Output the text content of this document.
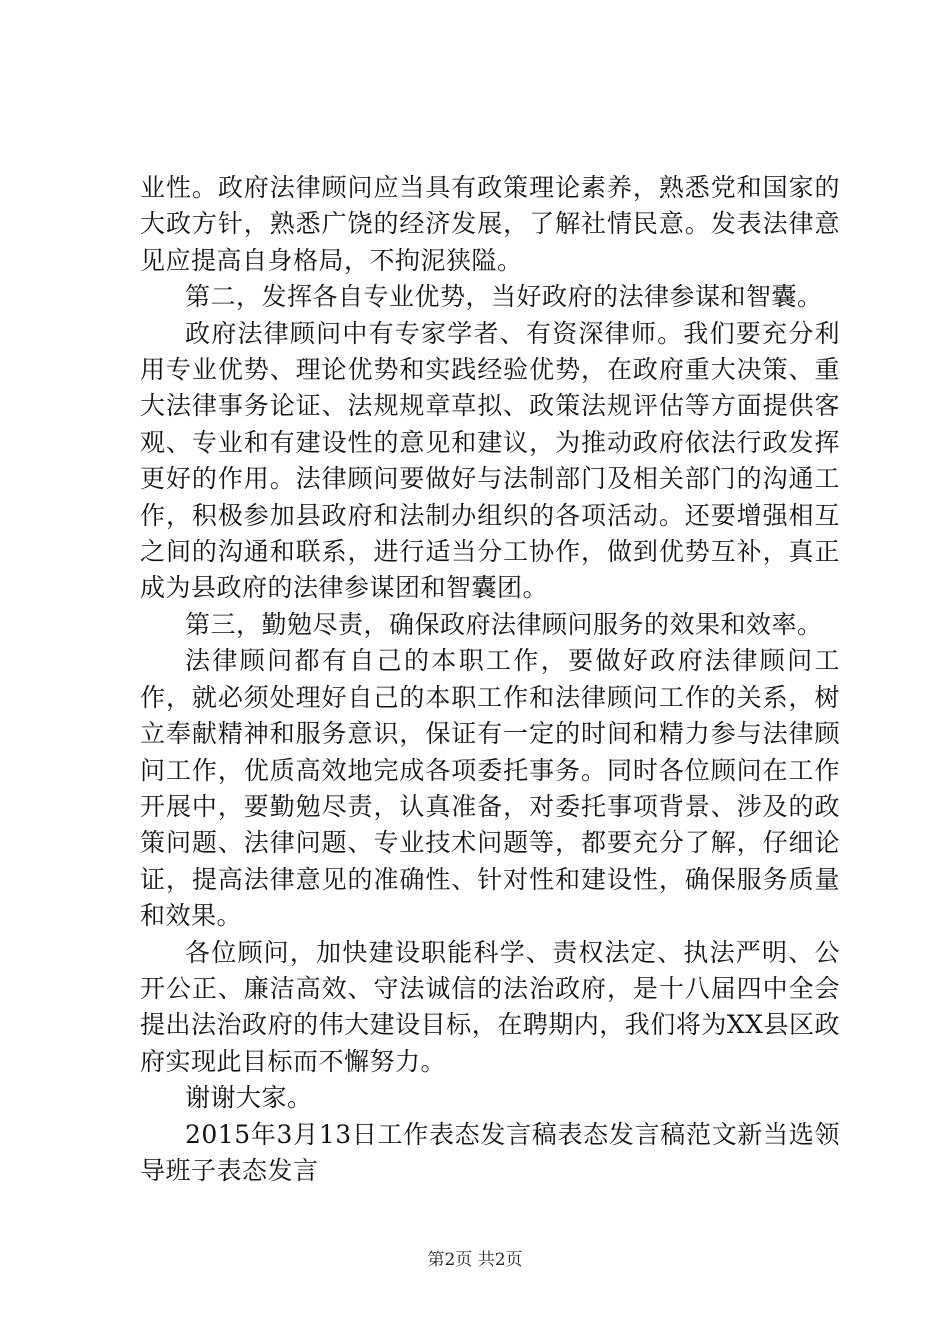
业性。政府法律顾问应当具有政策理论素养，熟悉党和国家的大政方针，熟悉广饶的经济发展，了解社情民意。发表法律意见应提高自身格局，不拘泥狭隘。

第二，发挥各自专业优势，当好政府的法律参谋和智囊。

政府法律顾问中有专家学者、有资深律师。我们要充分利用专业优势、理论优势和实践经验优势，在政府重大决策、重大法律事务论证、法规规章草拟、政策法规评估等方面提供客观、专业和有建设性的意见和建议，为推动政府依法行政发挥更好的作用。法律顾问要做好与法制部门及相关部门的沟通工作，积极参加县政府和法制办组织的各项活动。还要增强相互之间的沟通和联系，进行适当分工协作，做到优势互补，真正成为县政府的法律参谋团和智囊团。

第三，勤勉尽责，确保政府法律顾问服务的效果和效率。

法律顾问都有自己的本职工作，要做好政府法律顾问工作，就必须处理好自己的本职工作和法律顾问工作的关系，树立奉献精神和服务意识，保证有一定的时间和精力参与法律顾问工作，优质高效地完成各项委托事务。同时各位顾问在工作开展中，要勤勉尽责，认真准备，对委托事项背景、涉及的政策问题、法律问题、专业技术问题等，都要充分了解，仔细论证，提高法律意见的准确性、针对性和建设性，确保服务质量和效果。

各位顾问，加快建设职能科学、责权法定、执法严明、公开公正、廉洁高效、守法诚信的法治政府，是十八届四中全会提出法治政府的伟大建设目标，在聘期内，我们将为XX县区政府实现此目标而不懈努力。

谢谢大家。

2015年3月13日工作表态发言稿表态发言稿范文新当选领导班子表态发言

第2页 共2页
